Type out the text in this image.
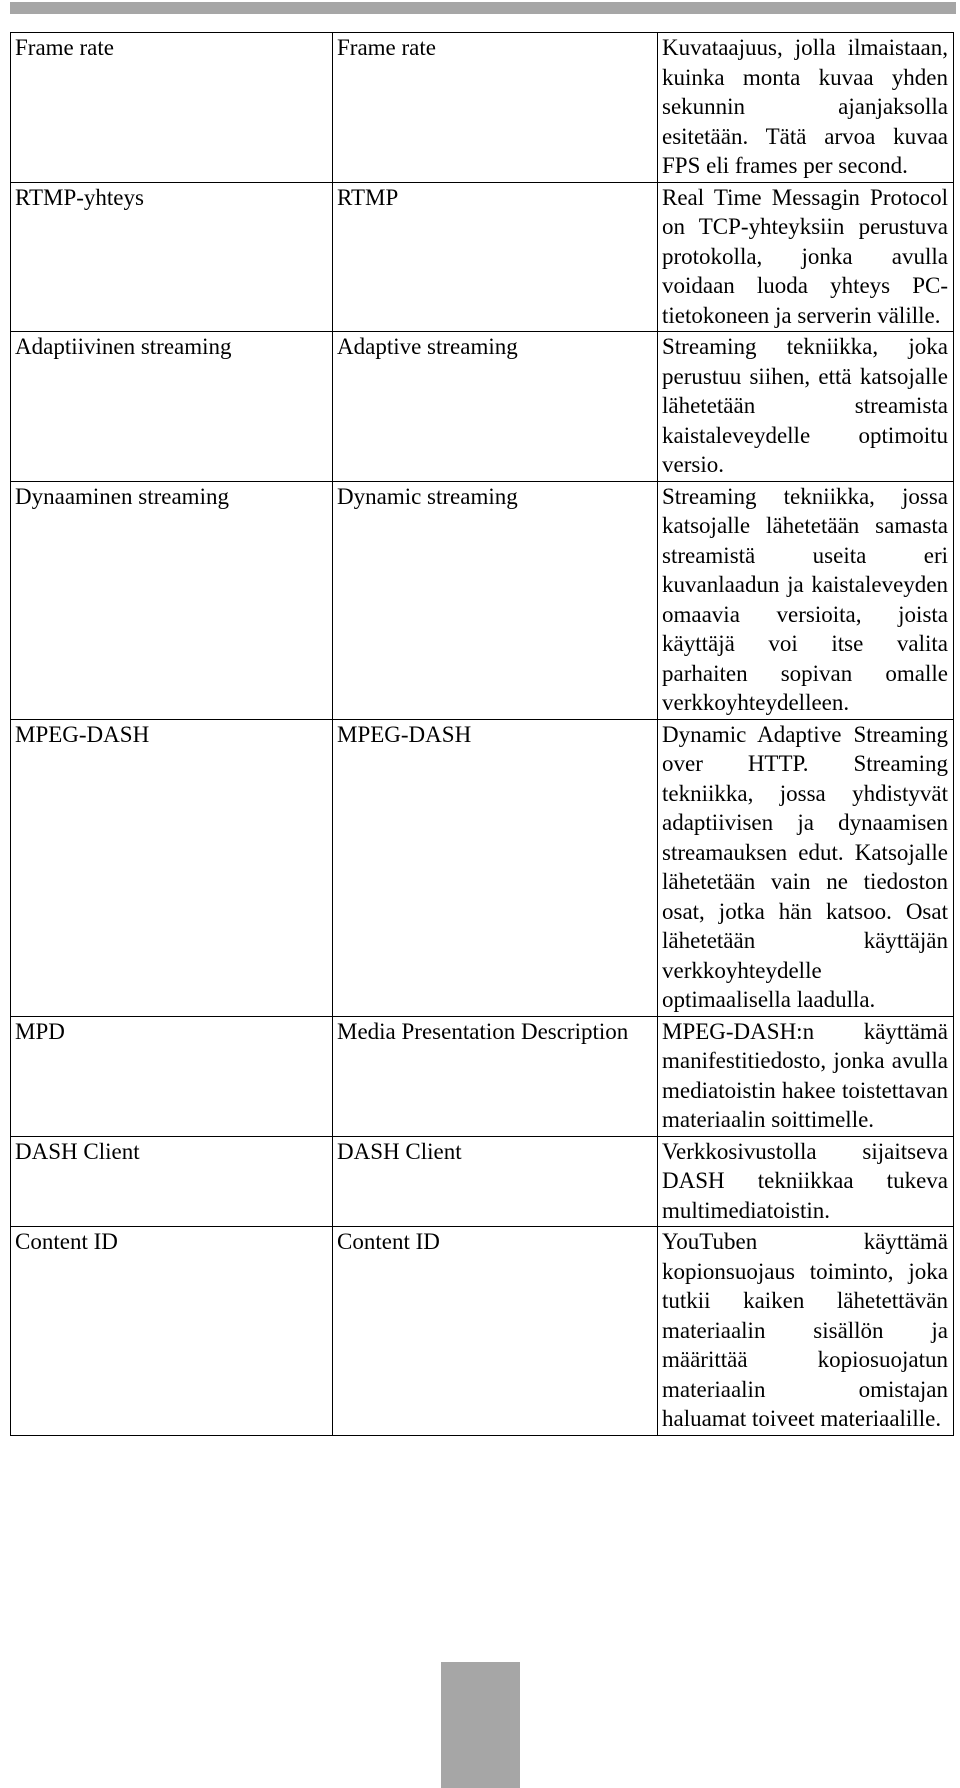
Frame rate	Frame rate	Kuvataajuus, jolla ilmaistaan, kuinka monta kuvaa yhden sekunnin ajanjaksolla esitetään. Tätä arvoa kuvaa FPS eli frames per second.
RTMP-yhteys	RTMP	Real Time Messagin Protocol on TCP-yhteyksiin perustuva protokolla, jonka avulla voidaan luoda yhteys PC-tietokoneen ja serverin välille.
Adaptiivinen streaming	Adaptive streaming	Streaming tekniikka, joka perustuu siihen, että katsojalle lähetetään streamista kaistaleveydelle optimoitu versio.
Dynaaminen streaming	Dynamic streaming	Streaming tekniikka, jossa katsojalle lähetetään samasta streamistä useita eri kuvanlaadun ja kaistaleveyden omaavia versioita, joista käyttäjä voi itse valita parhaiten sopivan omalle verkkoyhteydelleen.
MPEG-DASH	MPEG-DASH	Dynamic Adaptive Streaming over HTTP. Streaming tekniikka, jossa yhdistyvät adaptiivisen ja dynaamisen streamauksen edut. Katsojalle lähetetään vain ne tiedoston osat, jotka hän katsoo. Osat lähetetään käyttäjän verkkoyhteydelle optimaalisella laadulla.
MPD	Media Presentation Description	MPEG-DASH:n käyttämä manifestitiedosto, jonka avulla mediatoistin hakee toistettavan materiaalin soittimelle.
DASH Client	DASH Client	Verkkosivustolla sijaitseva DASH tekniikkaa tukeva multimediatoistin.
Content ID	Content ID	YouTuben käyttämä kopionsuojaus toiminto, joka tutkii kaiken lähetettävän materiaalin sisällön ja määrittää kopiosuojatun materiaalin omistajan haluamat toiveet materiaalille.
